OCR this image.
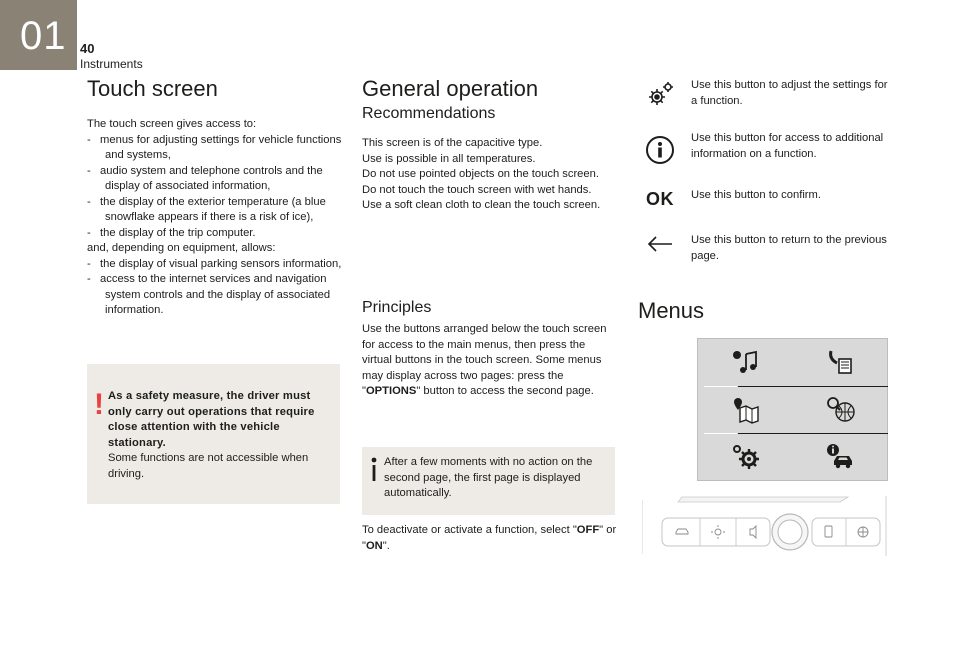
01 40
Instruments
Touch screen

The touch screen gives access to:

-   menus for adjusting settings for vehicle functions and systems,

-   audio system and telephone controls and the display of associated information,

-   the display of the exterior temperature (a blue snowflake appears if there is a risk of ice),

-   the display of the trip computer.

and, depending on equipment, allows:

-   the display of visual parking sensors information,

-   access to the internet services and navigation system controls and the display of associated information.

! As a safety measure, the driver must only carry out operations that require close attention with the vehicle stationary.
Some functions are not accessible when driving.
General operation
Recommendations

This screen is of the capacitive type.

Use is possible in all temperatures.

Do not use pointed objects on the touch screen.

Do not touch the touch screen with wet hands.

Use a soft clean cloth to clean the touch screen.

Principles
Use the buttons arranged below the touch screen for access to the main menus, then press the virtual buttons in the touch screen. Some menus may display across two pages: press the "OPTIONS" button to access the second page.
After a few moments with no action on the second page, the first page is displayed automatically.
To deactivate or activate a function, select "OFF" or "ON".
Use this button to adjust the settings for a function.
Use this button for access to additional information on a function.
OK Use this button to confirm.
Use this button to return to the previous page.
Menus
